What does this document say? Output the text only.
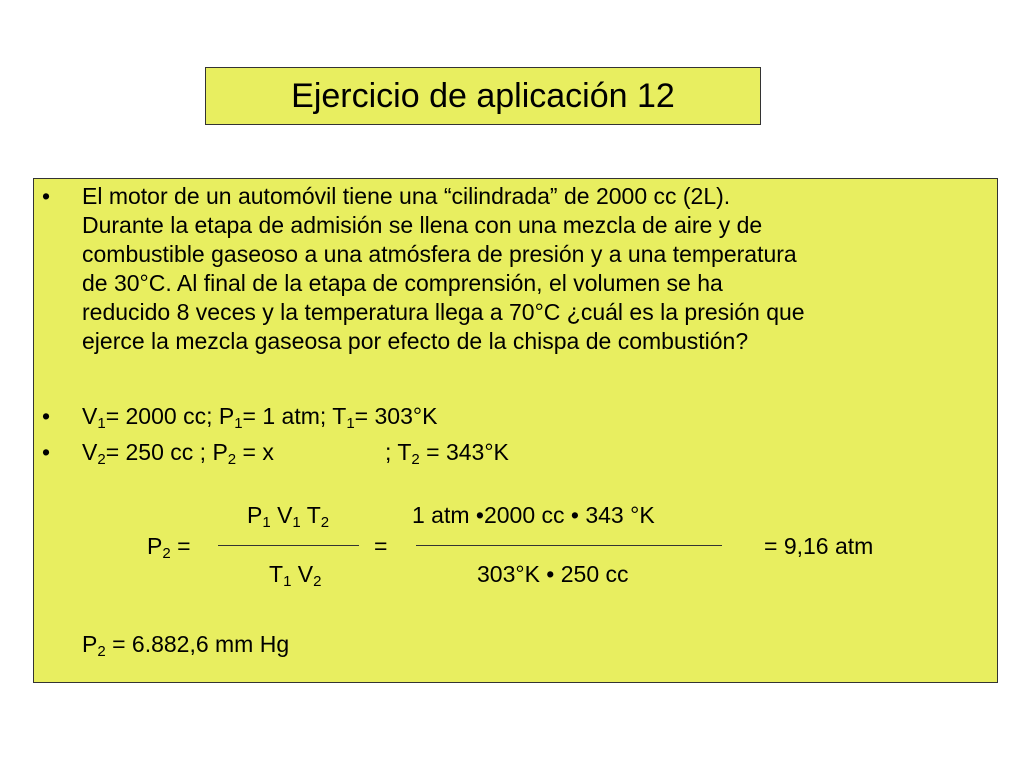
Ejercicio de aplicación 12
• El motor de un automóvil tiene una “cilindrada” de 2000 cc (2L).
Durante la etapa de admisión se llena con una mezcla de aire y de
combustible gaseoso a una atmósfera de presión y a una temperatura
de 30°C. Al final de la etapa de comprensión, el volumen se ha
reducido 8 veces y la temperatura llega a 70°C ¿cuál es la presión que
ejerce la mezcla gaseosa por efecto de la chispa de combustión?
• $V_1= 2000$ cc; $P_1= 1$ atm; $T_1= 303^\circ K$
• $V_2= 250$ cc ; $P_2 = x$	; $T_2 = 343^\circ K$
$P_1$ $V_1$ $T_2$
$T_1$ $V_2$
$P_2$ =	=
1 atm •2000 cc • 343 °K
303°K • 250 cc
= 9,16 atm
$P_2 = 6.882,6$ mm Hg
